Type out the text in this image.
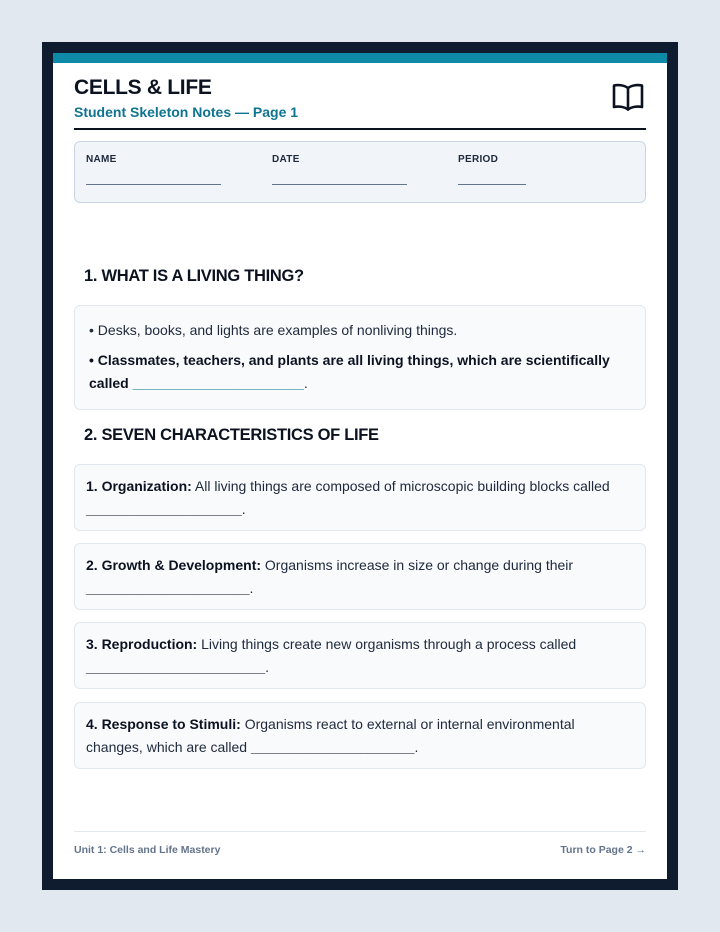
CELLS & LIFE
Student Skeleton Notes — Page 1
NAME	DATE	PERIOD
1. WHAT IS A LIVING THING?

• Desks, books, and lights are examples of nonliving things.

• Classmates, teachers, and plants are all living things, which are scientifically called ______________________.

2. SEVEN CHARACTERISTICS OF LIFE

1. Organization: All living things are composed of microscopic building blocks called ____________________.

2. Growth & Development: Organisms increase in size or change during their _____________________.

3. Reproduction: Living things create new organisms through a process called _______________________.

4. Response to Stimuli: Organisms react to external or internal environmental changes, which are called _____________________.

Unit 1: Cells and Life Mastery	Turn to Page 2 →
